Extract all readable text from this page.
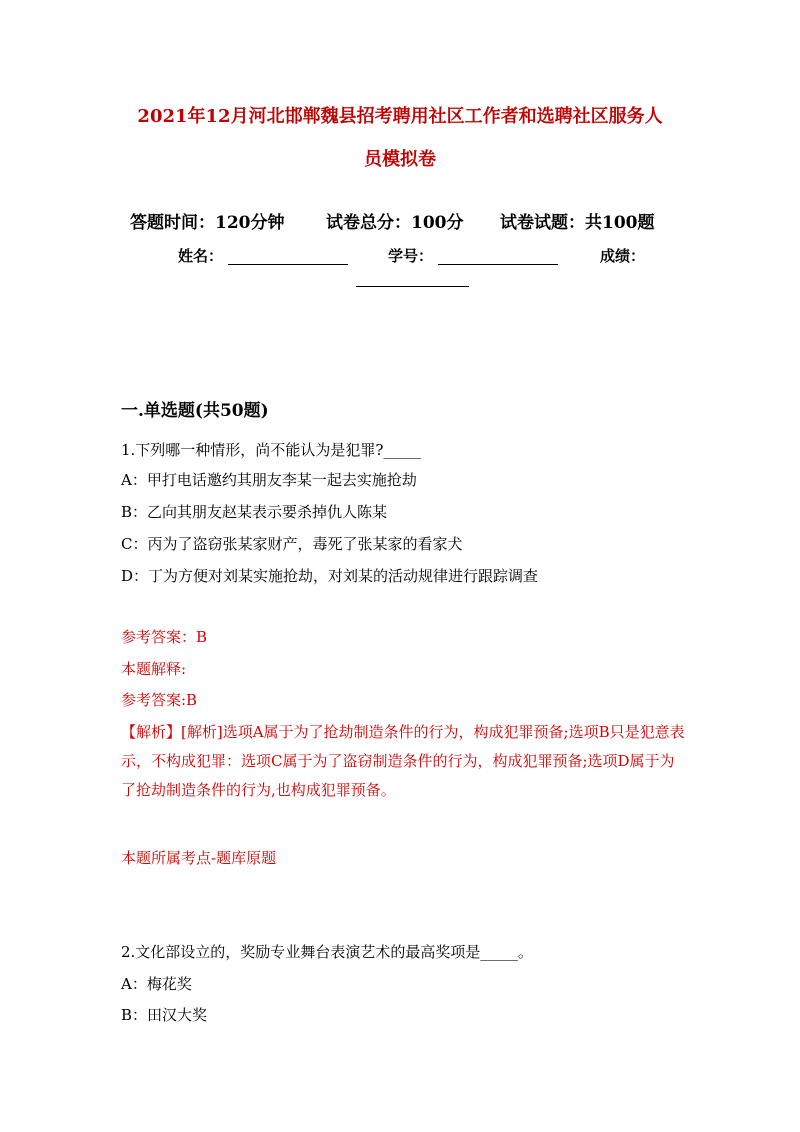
2021年12月河北邯郸魏县招考聘用社区工作者和选聘社区服务人
员模拟卷
答题时间：120分钟 试卷总分：100分 试卷试题：共100题
姓名：	学号：	成绩：
一.单选题(共50题)
1.下列哪一种情形，尚不能认为是犯罪?_____
A：甲打电话邀约其朋友李某一起去实施抢劫
B：乙向其朋友赵某表示要杀掉仇人陈某
C：丙为了盗窃张某家财产，毒死了张某家的看家犬
D：丁为方便对刘某实施抢劫，对刘某的活动规律进行跟踪调查
参考答案：B
本题解释:
参考答案:B
【解析】[解析]选项A属于为了抢劫制造条件的行为，构成犯罪预备;选项B只是犯意表示，不构成犯罪：选项C属于为了盗窃制造条件的行为，构成犯罪预备;选项D属于为了抢劫制造条件的行为,也构成犯罪预备。
本题所属考点-题库原题
2.文化部设立的，奖励专业舞台表演艺术的最高奖项是_____。
A：梅花奖
B：田汉大奖
